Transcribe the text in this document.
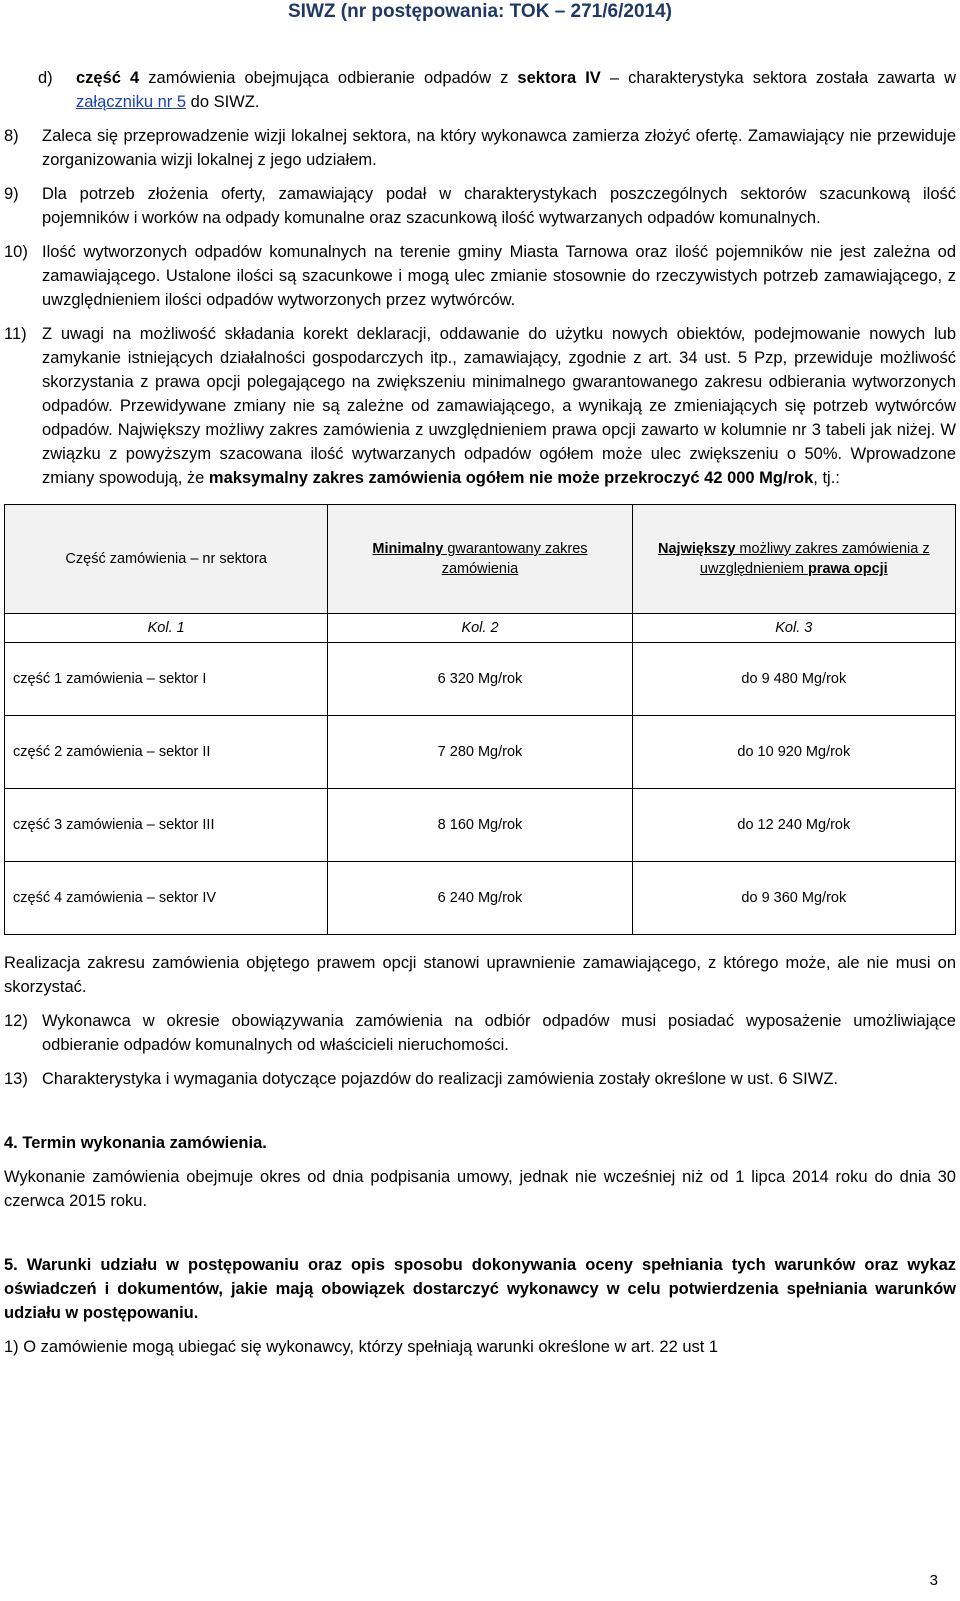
SIWZ (nr postępowania: TOK – 271/6/2014)
d)	część 4 zamówienia obejmująca odbieranie odpadów z sektora IV – charakterystyka sektora została zawarta w załączniku nr 5 do SIWZ.
8)	Zaleca się przeprowadzenie wizji lokalnej sektora, na który wykonawca zamierza złożyć ofertę. Zamawiający nie przewiduje zorganizowania wizji lokalnej z jego udziałem.
9)	Dla potrzeb złożenia oferty, zamawiający podał w charakterystykach poszczególnych sektorów szacunkową ilość pojemników i worków na odpady komunalne oraz szacunkową ilość wytwarzanych odpadów komunalnych.
10) Ilość wytworzonych odpadów komunalnych na terenie gminy Miasta Tarnowa oraz ilość pojemników nie jest zależna od zamawiającego. Ustalone ilości są szacunkowe i mogą ulec zmianie stosownie do rzeczywistych potrzeb zamawiającego, z uwzględnieniem ilości odpadów wytworzonych przez wytwórców.
11) Z uwagi na możliwość składania korekt deklaracji, oddawanie do użytku nowych obiektów, podejmowanie nowych lub zamykanie istniejących działalności gospodarczych itp., zamawiający, zgodnie z art. 34 ust. 5 Pzp, przewiduje możliwość skorzystania z prawa opcji polegającego na zwiększeniu minimalnego gwarantowanego zakresu odbierania wytworzonych odpadów. Przewidywane zmiany nie są zależne od zamawiającego, a wynikają ze zmieniających się potrzeb wytwórców odpadów. Największy możliwy zakres zamówienia z uwzględnieniem prawa opcji zawarto w kolumnie nr 3 tabeli jak niżej. W związku z powyższym szacowana ilość wytwarzanych odpadów ogółem może ulec zwiększeniu o 50%. Wprowadzone zmiany spowodują, że maksymalny zakres zamówienia ogółem nie może przekroczyć 42 000 Mg/rok, tj.:
Część zamówienia – nr sektora	Minimalny gwarantowany zakres zamówienia	Największy możliwy zakres zamówienia z uwzględnieniem prawa opcji
Kol. 1	Kol. 2	Kol. 3
część 1 zamówienia – sektor I	6 320 Mg/rok	do 9 480 Mg/rok
część 2 zamówienia – sektor II	7 280 Mg/rok	do 10 920 Mg/rok
część 3 zamówienia – sektor III	8 160 Mg/rok	do 12 240 Mg/rok
część 4 zamówienia – sektor IV	6 240 Mg/rok	do 9 360 Mg/rok

Realizacja zakresu zamówienia objętego prawem opcji stanowi uprawnienie zamawiającego, z którego może, ale nie musi on skorzystać.

12) Wykonawca w okresie obowiązywania zamówienia na odbiór odpadów musi posiadać wyposażenie umożliwiające odbieranie odpadów komunalnych od właścicieli nieruchomości.
13) Charakterystyka i wymagania dotyczące pojazdów do realizacji zamówienia zostały określone w ust. 6 SIWZ.
4. Termin wykonania zamówienia.

Wykonanie zamówienia obejmuje okres od dnia podpisania umowy, jednak nie wcześniej niż od 1 lipca 2014 roku do dnia 30 czerwca 2015 roku.

5. Warunki udziału w postępowaniu oraz opis sposobu dokonywania oceny spełniania tych warunków oraz wykaz oświadczeń i dokumentów, jakie mają obowiązek dostarczyć wykonawcy w celu potwierdzenia spełniania warunków udziału w postępowaniu.

1) O zamówienie mogą ubiegać się wykonawcy, którzy spełniają warunki określone w art. 22 ust 1

3
